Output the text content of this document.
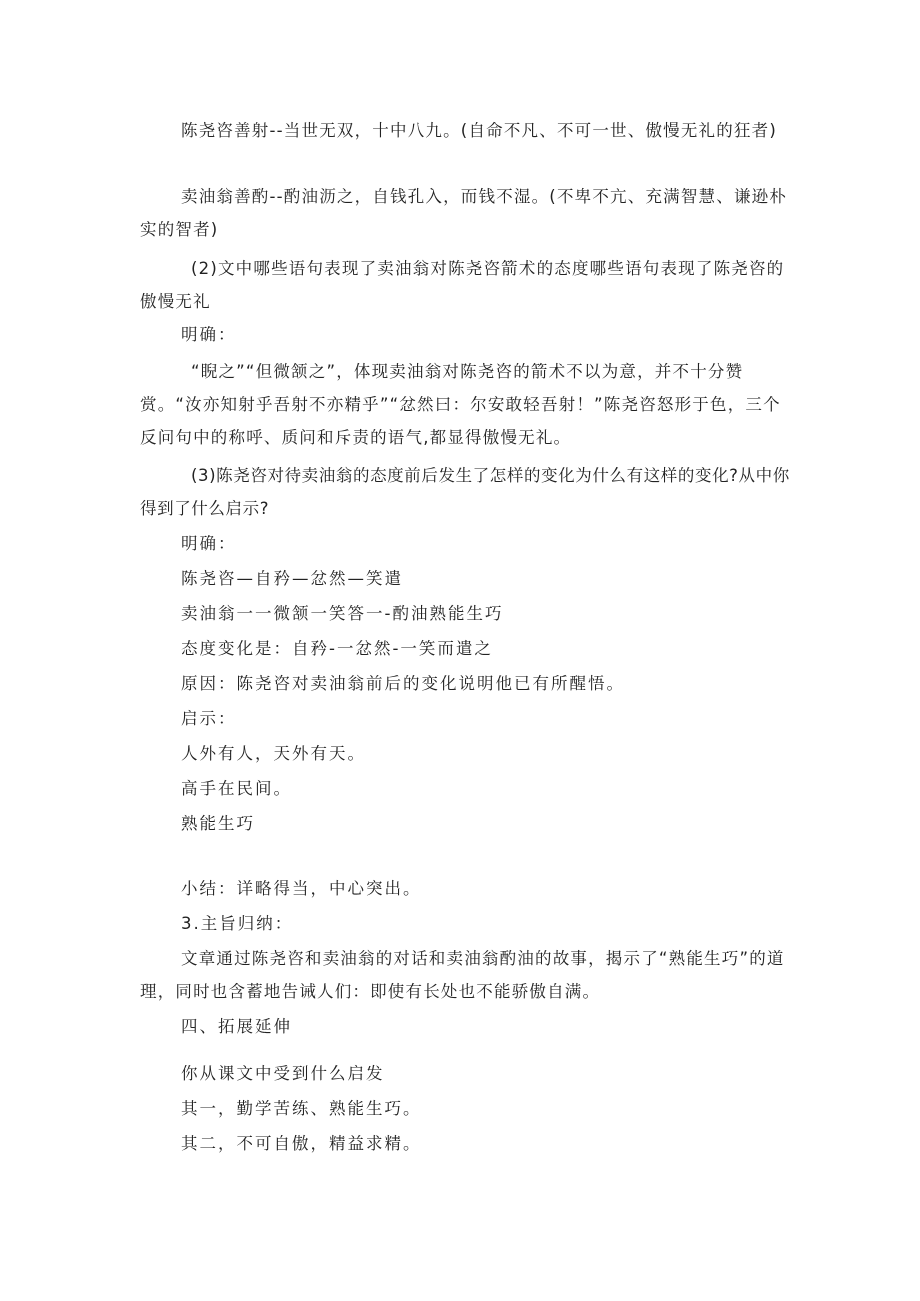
陈尧咨善射--当世无双，十中八九。(自命不凡、不可一世、傲慢无礼的狂者)
卖油翁善酌--酌油沥之，自钱孔入，而钱不湿。(不卑不亢、充满智慧、谦逊朴实的智者)
(2)文中哪些语句表现了卖油翁对陈尧咨箭术的态度哪些语句表现了陈尧咨的傲慢无礼
明确：
“睨之”“但微颔之”，体现卖油翁对陈尧咨的箭术不以为意，并不十分赞赏。“汝亦知射乎吾射不亦精乎”“忿然曰：尔安敢轻吾射！”陈尧咨怒形于色，三个反问句中的称呼、质问和斥责的语气,都显得傲慢无礼。
(3)陈尧咨对待卖油翁的态度前后发生了怎样的变化为什么有这样的变化?从中你得到了什么启示?
明确：
陈尧咨—自矜—忿然—笑遣
卖油翁一一微颔一笑答一-酌油熟能生巧
态度变化是：自矜-一忿然-一笑而遣之
原因：陈尧咨对卖油翁前后的变化说明他已有所醒悟。
启示：
人外有人，天外有天。
高手在民间。
熟能生巧
小结：详略得当，中心突出。
3.主旨归纳：
文章通过陈尧咨和卖油翁的对话和卖油翁酌油的故事，揭示了“熟能生巧”的道理，同时也含蓄地告诫人们：即使有长处也不能骄傲自满。
四、拓展延伸
你从课文中受到什么启发
其一，勤学苦练、熟能生巧。
其二，不可自傲，精益求精。
